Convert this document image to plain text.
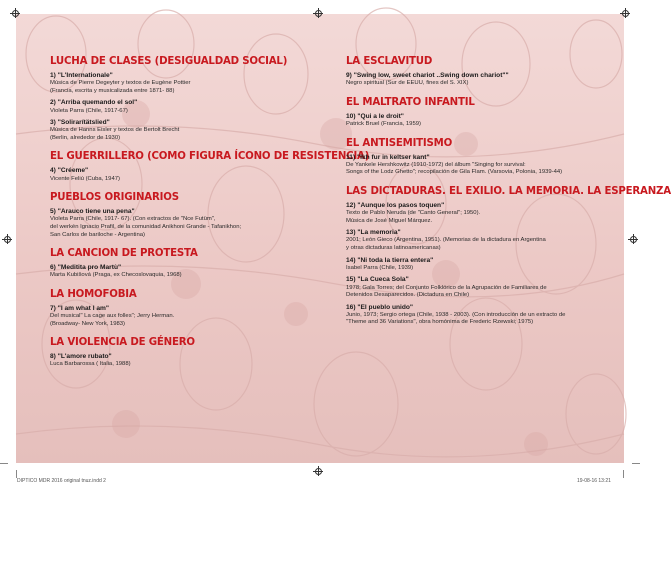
LUCHA DE CLASES (DESIGUALDAD SOCIAL)
1) "L'Internationale"
Música de Pierre Degeyter y textos de Eugène Pottier
(Francia, escrita y musicalizada entre 1871- 88)
2) "Arriba quemando el sol"
Violeta Parra (Chile, 1917-67)
3) "Solirarítätslied"
Música de Hanns Eisler y textos de Bertolt Brecht
(Berlin, alrededor de 1930)
EL GUERRILLERO (COMO FIGURA ÍCONO DE RESISTENCIA)
4) "Créeme"
Vicente Feliú (Cuba, 1947)
PUEBLOS ORIGINARIOS
5) "Arauco tiene una pena"
Violeta Parra (Chile, 1917- 67). (Con extractos de "Nce Futüm",
del werkén Ignacio Prafil, de la comunidad Anikhoni Grande - Tafanikhon;
San Carlos de bariloche - Argentina)
LA CANCION DE PROTESTA
6) "Meditita pro Martù"
Marta Kubišová (Praga, ex Checoslovaquia, 1968)
LA HOMOFOBIA
7) "I am what I am"
Del musical" La cage aux folles"; Jerry Herman.
(Broadway- New York, 1983)
LA VIOLENCIA DE GÉNERO
8) "L'amore rubato"
Luca Barbarossa ( Italia, 1988)
LA ESCLAVITUD
9) "Swing low, sweet chariot ..Swing down chariot""
Negro spiritual (Sur de EEUU, fines del S. XIX)
EL MALTRATO INFANTIL
10) "Qui a le droit"
Patrick Bruel (Francia, 1959)
EL ANTISEMITISMO
11) "Ikh fur in keltser kant"
De Yankele Hershkowitz (1910-1972) del álbum "Singing for survival:
Songs of the Lodz Ghetto"; recopilación de Gila Flam. (Varsovia, Polonia, 1939-44)
LAS DICTADURAS. EL EXILIO. LA MEMORIA. LA ESPERANZA
12) "Aunque los pasos toquen"
Texto de Pablo Neruda (de "Canto General"; 1950).
Música de José Miguel Márquez.
13) "La memoria"
2001; León Gieco (Argentina, 1951). (Memorias de la dictadura en Argentina
y otras dictaduras latinoamericanas)
14) "Ni toda la tierra entera"
Isabel Parra (Chile, 1939)
15) "La Cueca Sola"
1978; Gala Torres; del Conjunto Folklórico de la Agrupación de Familiares de
Detenidos Desaparecidos. (Dictadura en Chile)
16) "El pueblo unido"
Junio, 1973; Sergio ortega (Chile, 1938 - 2003). (Con introducción de un extracto de
"Theme and 36 Variations", obra homónima de Frederic Rzewski; 1975)
DIPTICO MDR 2016 original tnuz.indd 2	19-08-16 13:21
